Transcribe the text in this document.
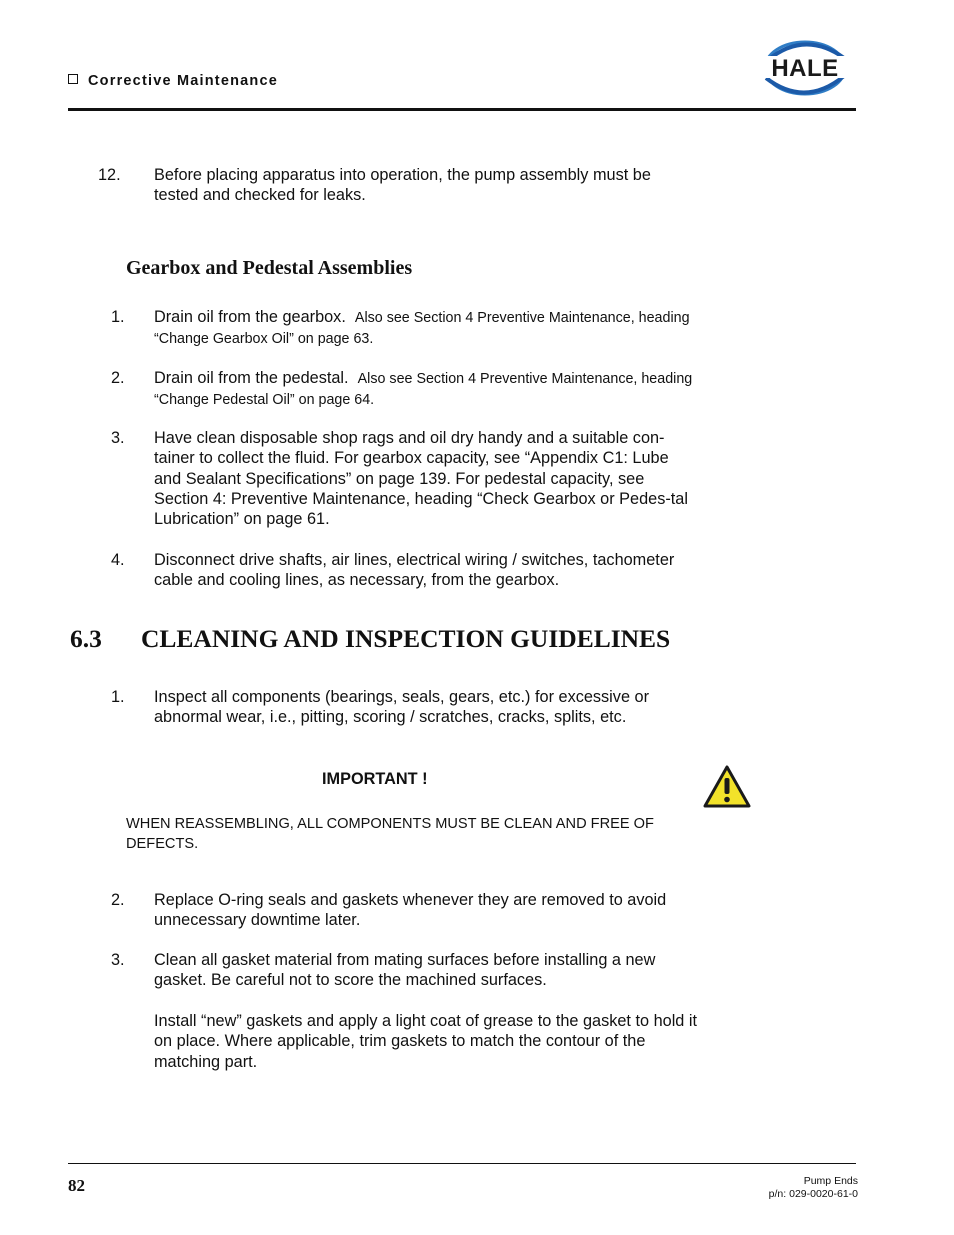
Corrective Maintenance	HALE
12. Before placing apparatus into operation, the pump assembly must be tested and checked for leaks.
Gearbox and Pedestal Assemblies
1. Drain oil from the gearbox. Also see Section 4 Preventive Maintenance, heading “Change Gearbox Oil” on page 63.
2. Drain oil from the pedestal. Also see Section 4 Preventive Maintenance, heading “Change Pedestal Oil” on page 64.
3. Have clean disposable shop rags and oil dry handy and a suitable con-tainer to collect the fluid. For gearbox capacity, see “Appendix C1: Lube and Sealant Specifications” on page 139. For pedestal capacity, see Section 4: Preventive Maintenance, heading “Check Gearbox or Pedes-tal Lubrication” on page 61.
4. Disconnect drive shafts, air lines, electrical wiring / switches, tachometer cable and cooling lines, as necessary, from the gearbox.
6.3 CLEANING AND INSPECTION GUIDELINES
1. Inspect all components (bearings, seals, gears, etc.) for excessive or abnormal wear, i.e., pitting, scoring / scratches, cracks, splits, etc.
IMPORTANT !
WHEN REASSEMBLING, ALL COMPONENTS MUST BE CLEAN AND FREE OF DEFECTS.
2. Replace O-ring seals and gaskets whenever they are removed to avoid unnecessary downtime later.
3. Clean all gasket material from mating surfaces before installing a new gasket. Be careful not to score the machined surfaces.
Install “new” gaskets and apply a light coat of grease to the gasket to hold it on place. Where applicable, trim gaskets to match the contour of the matching part.
82	Pump Ends
p/n: 029-0020-61-0
